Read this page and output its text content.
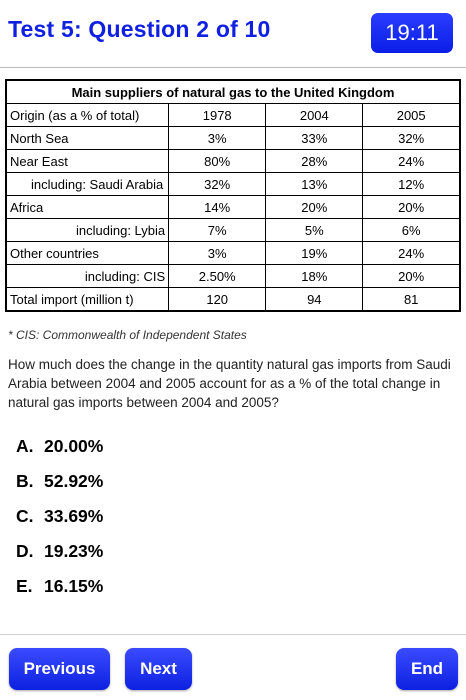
Test 5: Question 2 of 10	19:11
Main suppliers of natural gas to the United Kingdom			
Origin (as a % of total)	1978	2004	2005
North Sea	3%	33%	32%
Near East	80%	28%	24%
including: Saudi Arabia	32%	13%	12%
Africa	14%	20%	20%
including: Lybia	7%	5%	6%
Other countries	3%	19%	24%
including: CIS	2.50%	18%	20%
Total import (million t)	120	94	81
* CIS: Commonwealth of Independent States
How much does the change in the quantity natural gas imports from Saudi Arabia between 2004 and 2005 account for as a % of the total change in natural gas imports between 2004 and 2005?
A. 20.00%
B. 52.92%
C. 33.69%
D. 19.23%
E. 16.15%
Previous	Next	End
